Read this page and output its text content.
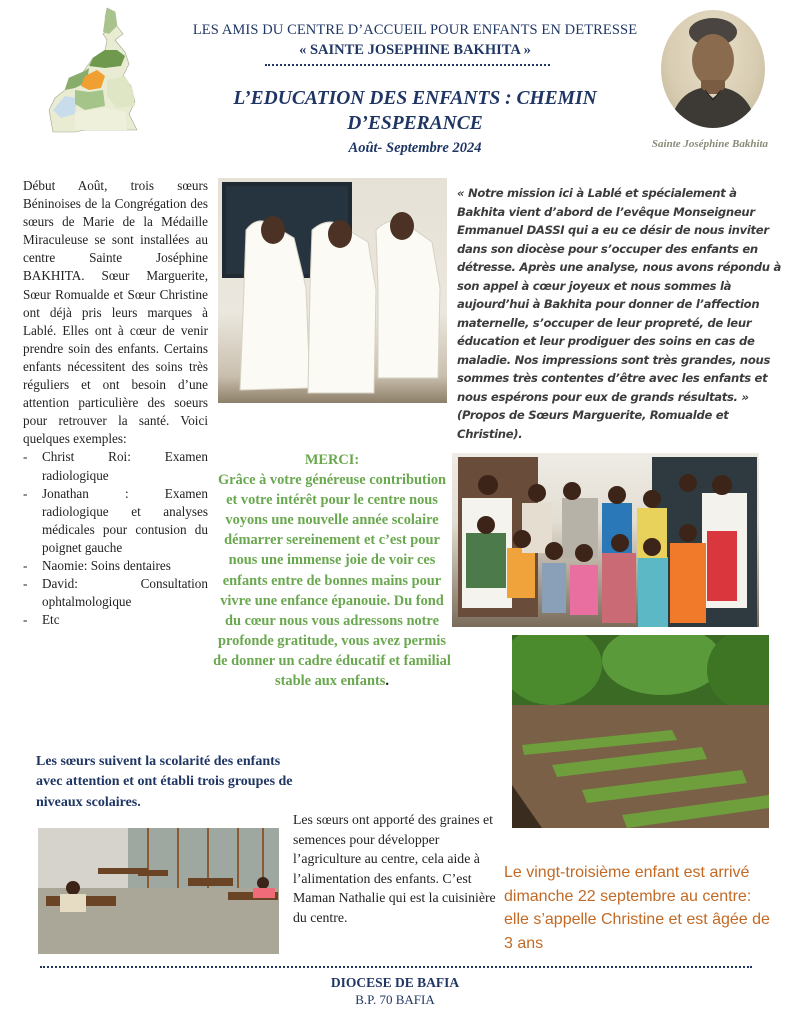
LES AMIS DU CENTRE D’ACCUEIL POUR ENFANTS EN DETRESSE
« SAINTE JOSEPHINE BAKHITA »
L’EDUCATION DES ENFANTS : CHEMIN
D’ESPERANCE
Août- Septembre 2024	Sainte Joséphine Bakhita

Début Août, trois sœurs Béninoises de la Congrégation des sœurs de Marie de la Médaille Miraculeuse se sont installées au centre Sainte Joséphine BAKHITA. Sœur Marguerite, Sœur Romualde et Sœur Christine ont déjà pris leurs marques à Lablé. Elles ont à cœur de venir prendre soin des enfants. Certains enfants nécessitent des soins très réguliers et ont besoin d’une attention particulière des soeurs pour retrouver la santé. Voici quelques exemples:

- Christ Roi: Examen radiologique
- Jonathan : Examen radiologique et analyses médicales pour contusion du poignet gauche
- Naomie: Soins dentaires
- David: Consultation ophtalmologique
- Etc
« Notre mission ici à Lablé et spécialement à Bakhita vient d’abord de l’evêque Monseigneur Emmanuel DASSI qui a eu ce désir de nous inviter dans son diocèse pour s’occuper des enfants en détresse. Après une analyse, nous avons répondu à son appel à cœur joyeux et nous sommes là aujourd’hui à Bakhita pour donner de l’affection maternelle, s’occuper de leur propreté, de leur éducation et leur prodiguer des soins en cas de maladie. Nos impressions sont très grandes, nous sommes très contentes d’être avec les enfants et nous espérons pour eux de grands résultats. » (Propos de Sœurs Marguerite, Romualde et Christine).
MERCI:
Grâce à votre généreuse contribution et votre intérêt pour le centre nous voyons une nouvelle année scolaire démarrer sereinement et c’est pour nous une immense joie de voir ces enfants entre de bonnes mains pour vivre une enfance épanouie. Du fond du cœur nous vous adressons notre profonde gratitude, vous avez permis de donner un cadre éducatif et familial stable aux enfants.
Les sœurs suivent la scolarité des enfants avec attention et ont établi trois groupes de niveaux scolaires.
Les sœurs ont apporté des graines et semences pour développer l’agriculture au centre, cela aide à l’alimentation des enfants. C’est Maman Nathalie qui est la cuisinière du centre.
Le vingt-troisième enfant est arrivé dimanche 22 septembre au centre: elle s’appelle Christine et est âgée de 3 ans
DIOCESE DE BAFIA
B.P. 70 BAFIA
